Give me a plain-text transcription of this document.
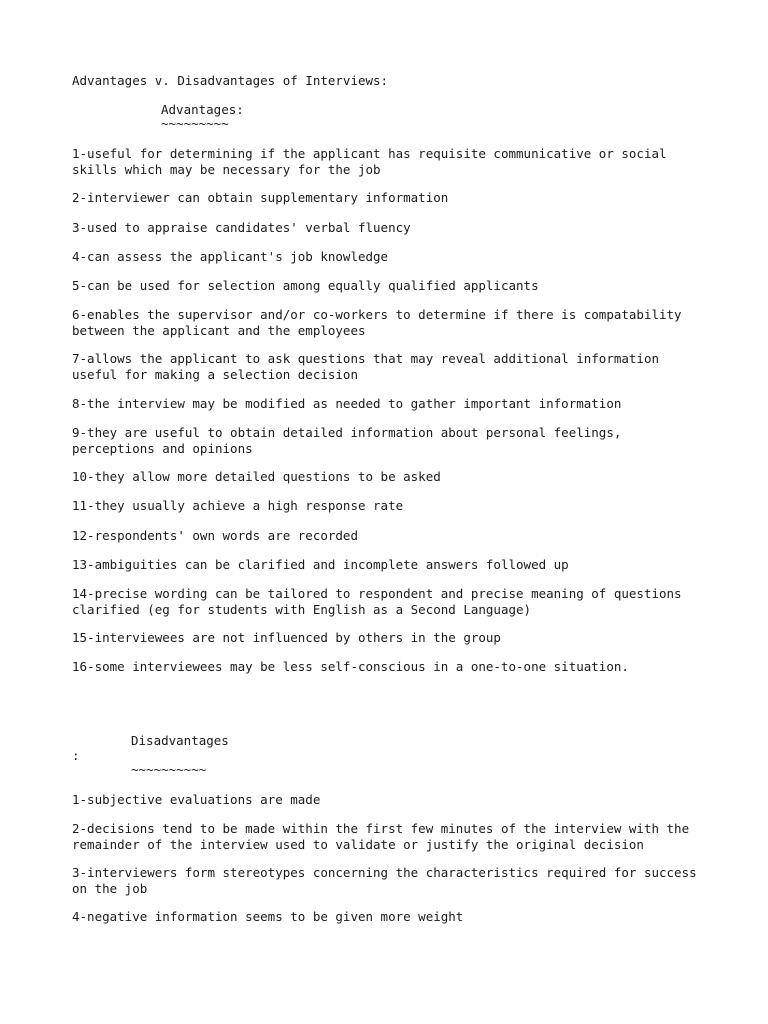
Advantages v. Disadvantages of Interviews:
Advantages:
~~~~~~~~~
1-useful for determining if the applicant has requisite communicative or social
skills which may be necessary for the job
2-interviewer can obtain supplementary information
3-used to appraise candidates' verbal fluency
4-can assess the applicant's job knowledge
5-can be used for selection among equally qualified applicants
6-enables the supervisor and/or co-workers to determine if there is compatability
between the applicant and the employees
7-allows the applicant to ask questions that may reveal additional information
useful for making a selection decision
8-the interview may be modified as needed to gather important information
9-they are useful to obtain detailed information about personal feelings,
perceptions and opinions
10-they allow more detailed questions to be asked
11-they usually achieve a high response rate
12-respondents' own words are recorded
13-ambiguities can be clarified and incomplete answers followed up
14-precise wording can be tailored to respondent and precise meaning of questions
clarified (eg for students with English as a Second Language)
15-interviewees are not influenced by others in the group
16-some interviewees may be less self-conscious in a one-to-one situation.
Disadvantages
:
~~~~~~~~~~
1-subjective evaluations are made
2-decisions tend to be made within the first few minutes of the interview with the
remainder of the interview used to validate or justify the original decision
3-interviewers form stereotypes concerning the characteristics required for success
on the job
4-negative information seems to be given more weight
